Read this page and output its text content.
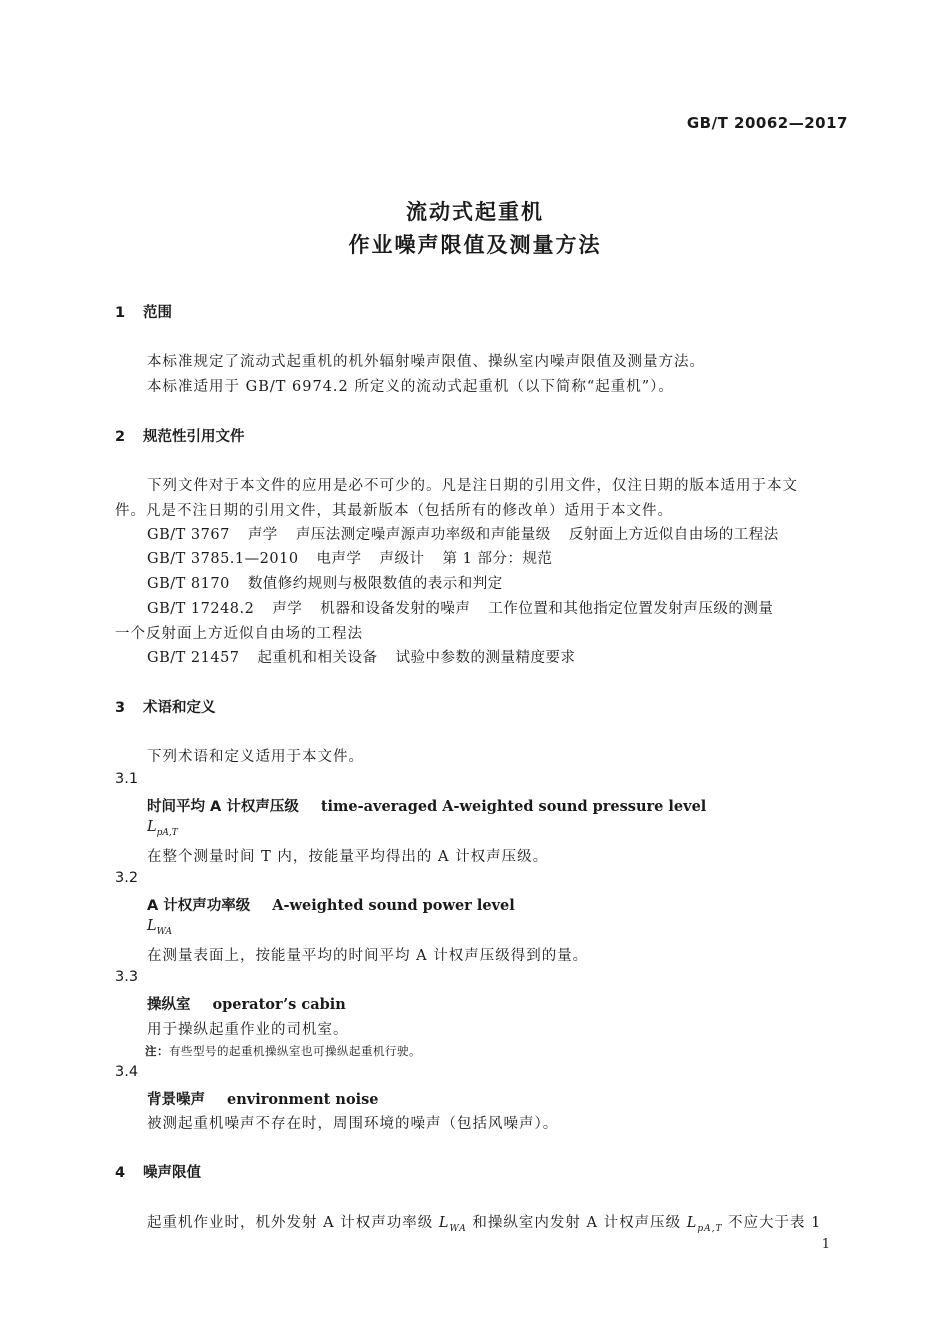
GB/T 20062—2017
流动式起重机
作业噪声限值及测量方法
1 范围
本标准规定了流动式起重机的机外辐射噪声限值、操纵室内噪声限值及测量方法。
本标准适用于 GB/T 6974.2 所定义的流动式起重机（以下简称“起重机”）。
2 规范性引用文件
下列文件对于本文件的应用是必不可少的。凡是注日期的引用文件，仅注日期的版本适用于本文
件。凡是不注日期的引用文件，其最新版本（包括所有的修改单）适用于本文件。
GB/T 3767 声学 声压法测定噪声源声功率级和声能量级 反射面上方近似自由场的工程法
GB/T 3785.1—2010 电声学 声级计 第 1 部分：规范
GB/T 8170 数值修约规则与极限数值的表示和判定
GB/T 17248.2 声学 机器和设备发射的噪声 工作位置和其他指定位置发射声压级的测量
一个反射面上方近似自由场的工程法
GB/T 21457 起重机和相关设备 试验中参数的测量精度要求
3 术语和定义
下列术语和定义适用于本文件。
3.1
时间平均 A 计权声压级 time-averaged A-weighted sound pressure level
$L_{pA,T}$
在整个测量时间 T 内，按能量平均得出的 A 计权声压级。
3.2
A 计权声功率级 A-weighted sound power level
$L_{WA}$
在测量表面上，按能量平均的时间平均 A 计权声压级得到的量。
3.3
操纵室 operator’s cabin
用于操纵起重作业的司机室。
注：有些型号的起重机操纵室也可操纵起重机行驶。
3.4
背景噪声 environment noise
被测起重机噪声不存在时，周围环境的噪声（包括风噪声）。
4 噪声限值
起重机作业时，机外发射 A 计权声功率级 $L_{WA}$ 和操纵室内发射 A 计权声压级 $L_{pA,T}$ 不应大于表 1
1
